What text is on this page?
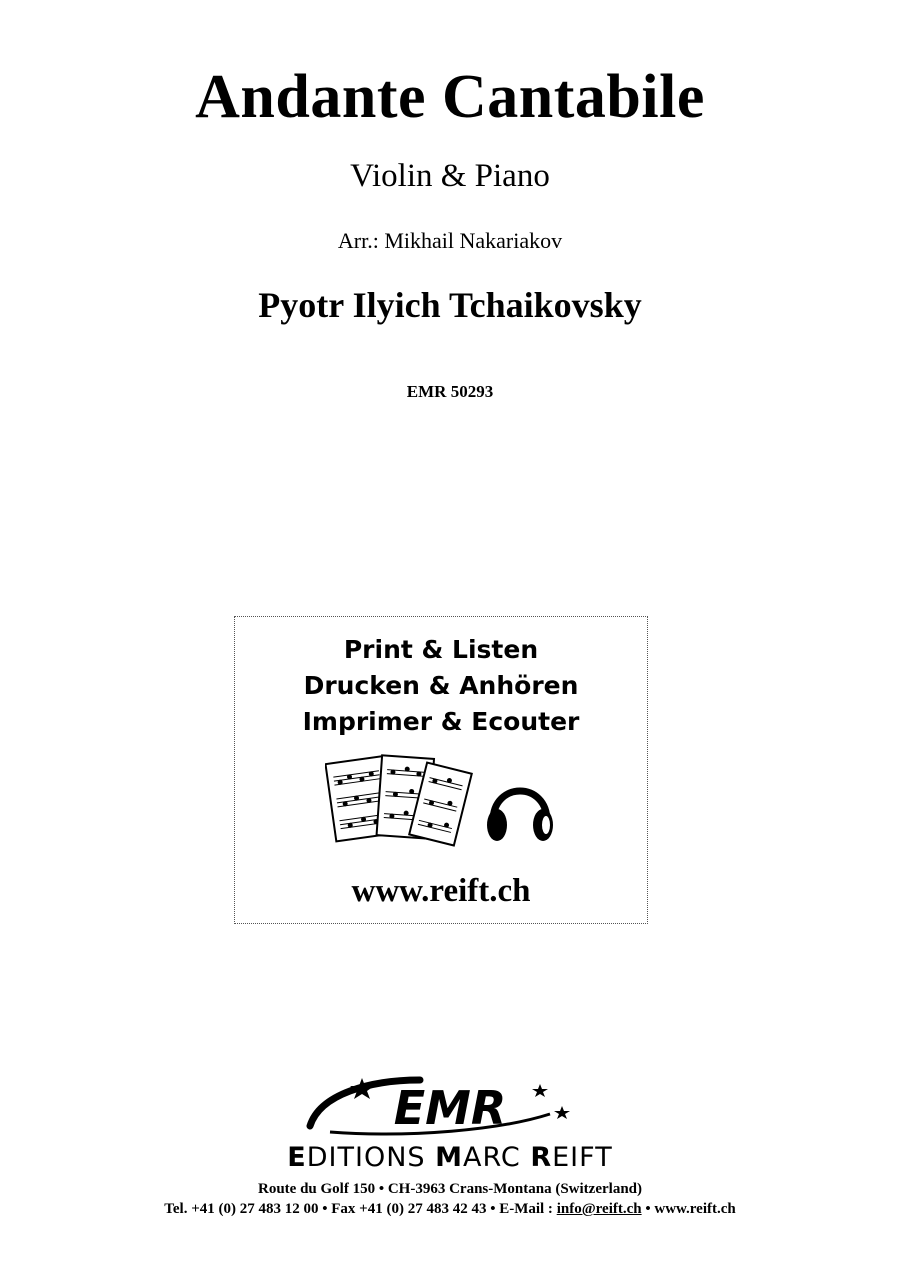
Andante Cantabile
Violin & Piano
Arr.: Mikhail Nakariakov
Pyotr Ilyich Tchaikovsky
EMR 50293
Print & Listen
Drucken & Anhören
Imprimer & Ecouter
www.reift.ch
EMR
EDITIONS MARC REIFT
Route du Golf 150 • CH-3963 Crans-Montana (Switzerland)
Tel. +41 (0) 27 483 12 00 • Fax +41 (0) 27 483 42 43 • E-Mail : info@reift.ch • www.reift.ch
